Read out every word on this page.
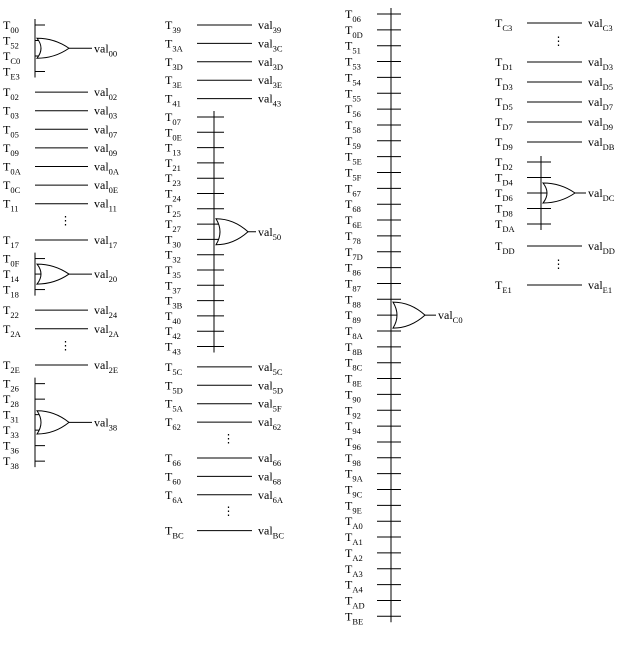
$T_{00}$
$T_{52}$
$T_{C0}$
$T_{E3}$
val$_{00}$
$T_{02}$	val$_{02}$
$T_{03}$	val$_{03}$
$T_{05}$	val$_{07}$
$T_{09}$	val$_{09}$
$T_{0A}$	val$_{0A}$
$T_{0C}$	val$_{0E}$
$T_{11}$	val$_{11}$
⋮
$T_{17}$	val$_{17}$
$T_{0F}$
$T_{14}$
$T_{18}$
val$_{20}$
$T_{22}$	val$_{24}$
$T_{2A}$	val$_{2A}$
⋮
$T_{2E}$	val$_{2E}$
$T_{26}$
$T_{28}$
$T_{31}$
$T_{33}$
$T_{36}$
$T_{38}$
val$_{38}$
$T_{39}$	val$_{39}$
$T_{3A}$	val$_{3C}$
$T_{3D}$	val$_{3D}$
$T_{3E}$	val$_{3E}$
$T_{41}$	val$_{43}$
$T_{07}$
$T_{0E}$
$T_{13}$
$T_{21}$
$T_{23}$
$T_{24}$
$T_{25}$
$T_{27}$
$T_{30}$
$T_{32}$
$T_{35}$
$T_{37}$
$T_{3B}$
$T_{40}$
$T_{42}$
$T_{43}$
val$_{50}$
$T_{5C}$	val$_{5C}$
$T_{5D}$	val$_{5D}$
$T_{5A}$	val$_{5F}$
$T_{62}$	val$_{62}$
⋮
$T_{66}$	val$_{66}$
$T_{60}$	val$_{68}$
$T_{6A}$	val$_{6A}$
⋮
$T_{BC}$	val$_{BC}$
$T_{06}$
$T_{0D}$
$T_{51}$
$T_{53}$
$T_{54}$
$T_{55}$
$T_{56}$
$T_{58}$
$T_{59}$
$T_{5E}$
$T_{5F}$
$T_{67}$
$T_{68}$
$T_{6E}$
$T_{78}$
$T_{7D}$
$T_{86}$
$T_{87}$
$T_{88}$
$T_{89}$
$T_{8A}$
$T_{8B}$
$T_{8C}$
$T_{8E}$
$T_{90}$
$T_{92}$
$T_{94}$
$T_{96}$
$T_{98}$
$T_{9A}$
$T_{9C}$
$T_{9E}$
$T_{A0}$
$T_{A1}$
$T_{A2}$
$T_{A3}$
$T_{A4}$
$T_{AD}$
$T_{BE}$
val$_{C0}$
$T_{C3}$	val$_{C3}$
⋮
$T_{D1}$	val$_{D3}$
$T_{D3}$	val$_{D5}$
$T_{D5}$	val$_{D7}$
$T_{D7}$	val$_{D9}$
$T_{D9}$	val$_{DB}$
$T_{D2}$
$T_{D4}$
$T_{D6}$
$T_{D8}$
$T_{DA}$
val$_{DC}$
$T_{DD}$	val$_{DD}$
⋮
$T_{E1}$	val$_{E1}$
